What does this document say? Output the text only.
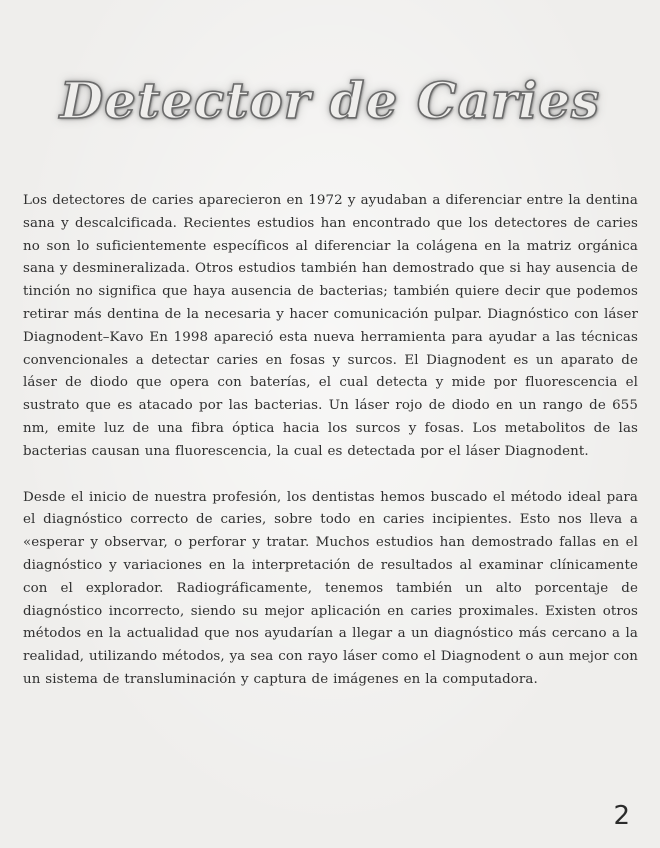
Detector de Caries

Los detectores de caries aparecieron en 1972 y ayudaban a diferenciar entre la dentina sana y descalcificada. Recientes estudios han encontrado que los detectores de caries no son lo suficientemente específicos al diferenciar la colágena en la matriz orgánica sana y desmineralizada. Otros estudios también han demostrado que si hay ausencia de tinción no significa que haya ausencia de bacterias; también quiere decir que podemos retirar más dentina de la necesaria y hacer comunicación pulpar. Diagnóstico con láser Diagnodent–Kavo En 1998 apareció esta nueva herramienta para ayudar a las técnicas convencionales a detectar caries en fosas y surcos. El Diagnodent es un aparato de láser de diodo que opera con baterías, el cual detecta y mide por fluorescencia el sustrato que es atacado por las bacterias. Un láser rojo de diodo en un rango de 655 nm, emite luz de una fibra óptica hacia los surcos y fosas. Los metabolitos de las bacterias causan una fluorescencia, la cual es detectada por el láser Diagnodent.

Desde el inicio de nuestra profesión, los dentistas hemos buscado el método ideal para el diagnóstico correcto de caries, sobre todo en caries incipientes. Esto nos lleva a «esperar y observar, o perforar y tratar. Muchos estudios han demostrado fallas en el diagnóstico y variaciones en la interpretación de resultados al examinar clínicamente con el explorador. Radiográficamente, tenemos también un alto porcentaje de diagnóstico incorrecto, siendo su mejor aplicación en caries proximales. Existen otros métodos en la actualidad que nos ayudarían a llegar a un diagnóstico más cercano a la realidad, utilizando métodos, ya sea con rayo láser como el Diagnodent o aun mejor con un sistema de transluminación y captura de imágenes en la computadora.

2
